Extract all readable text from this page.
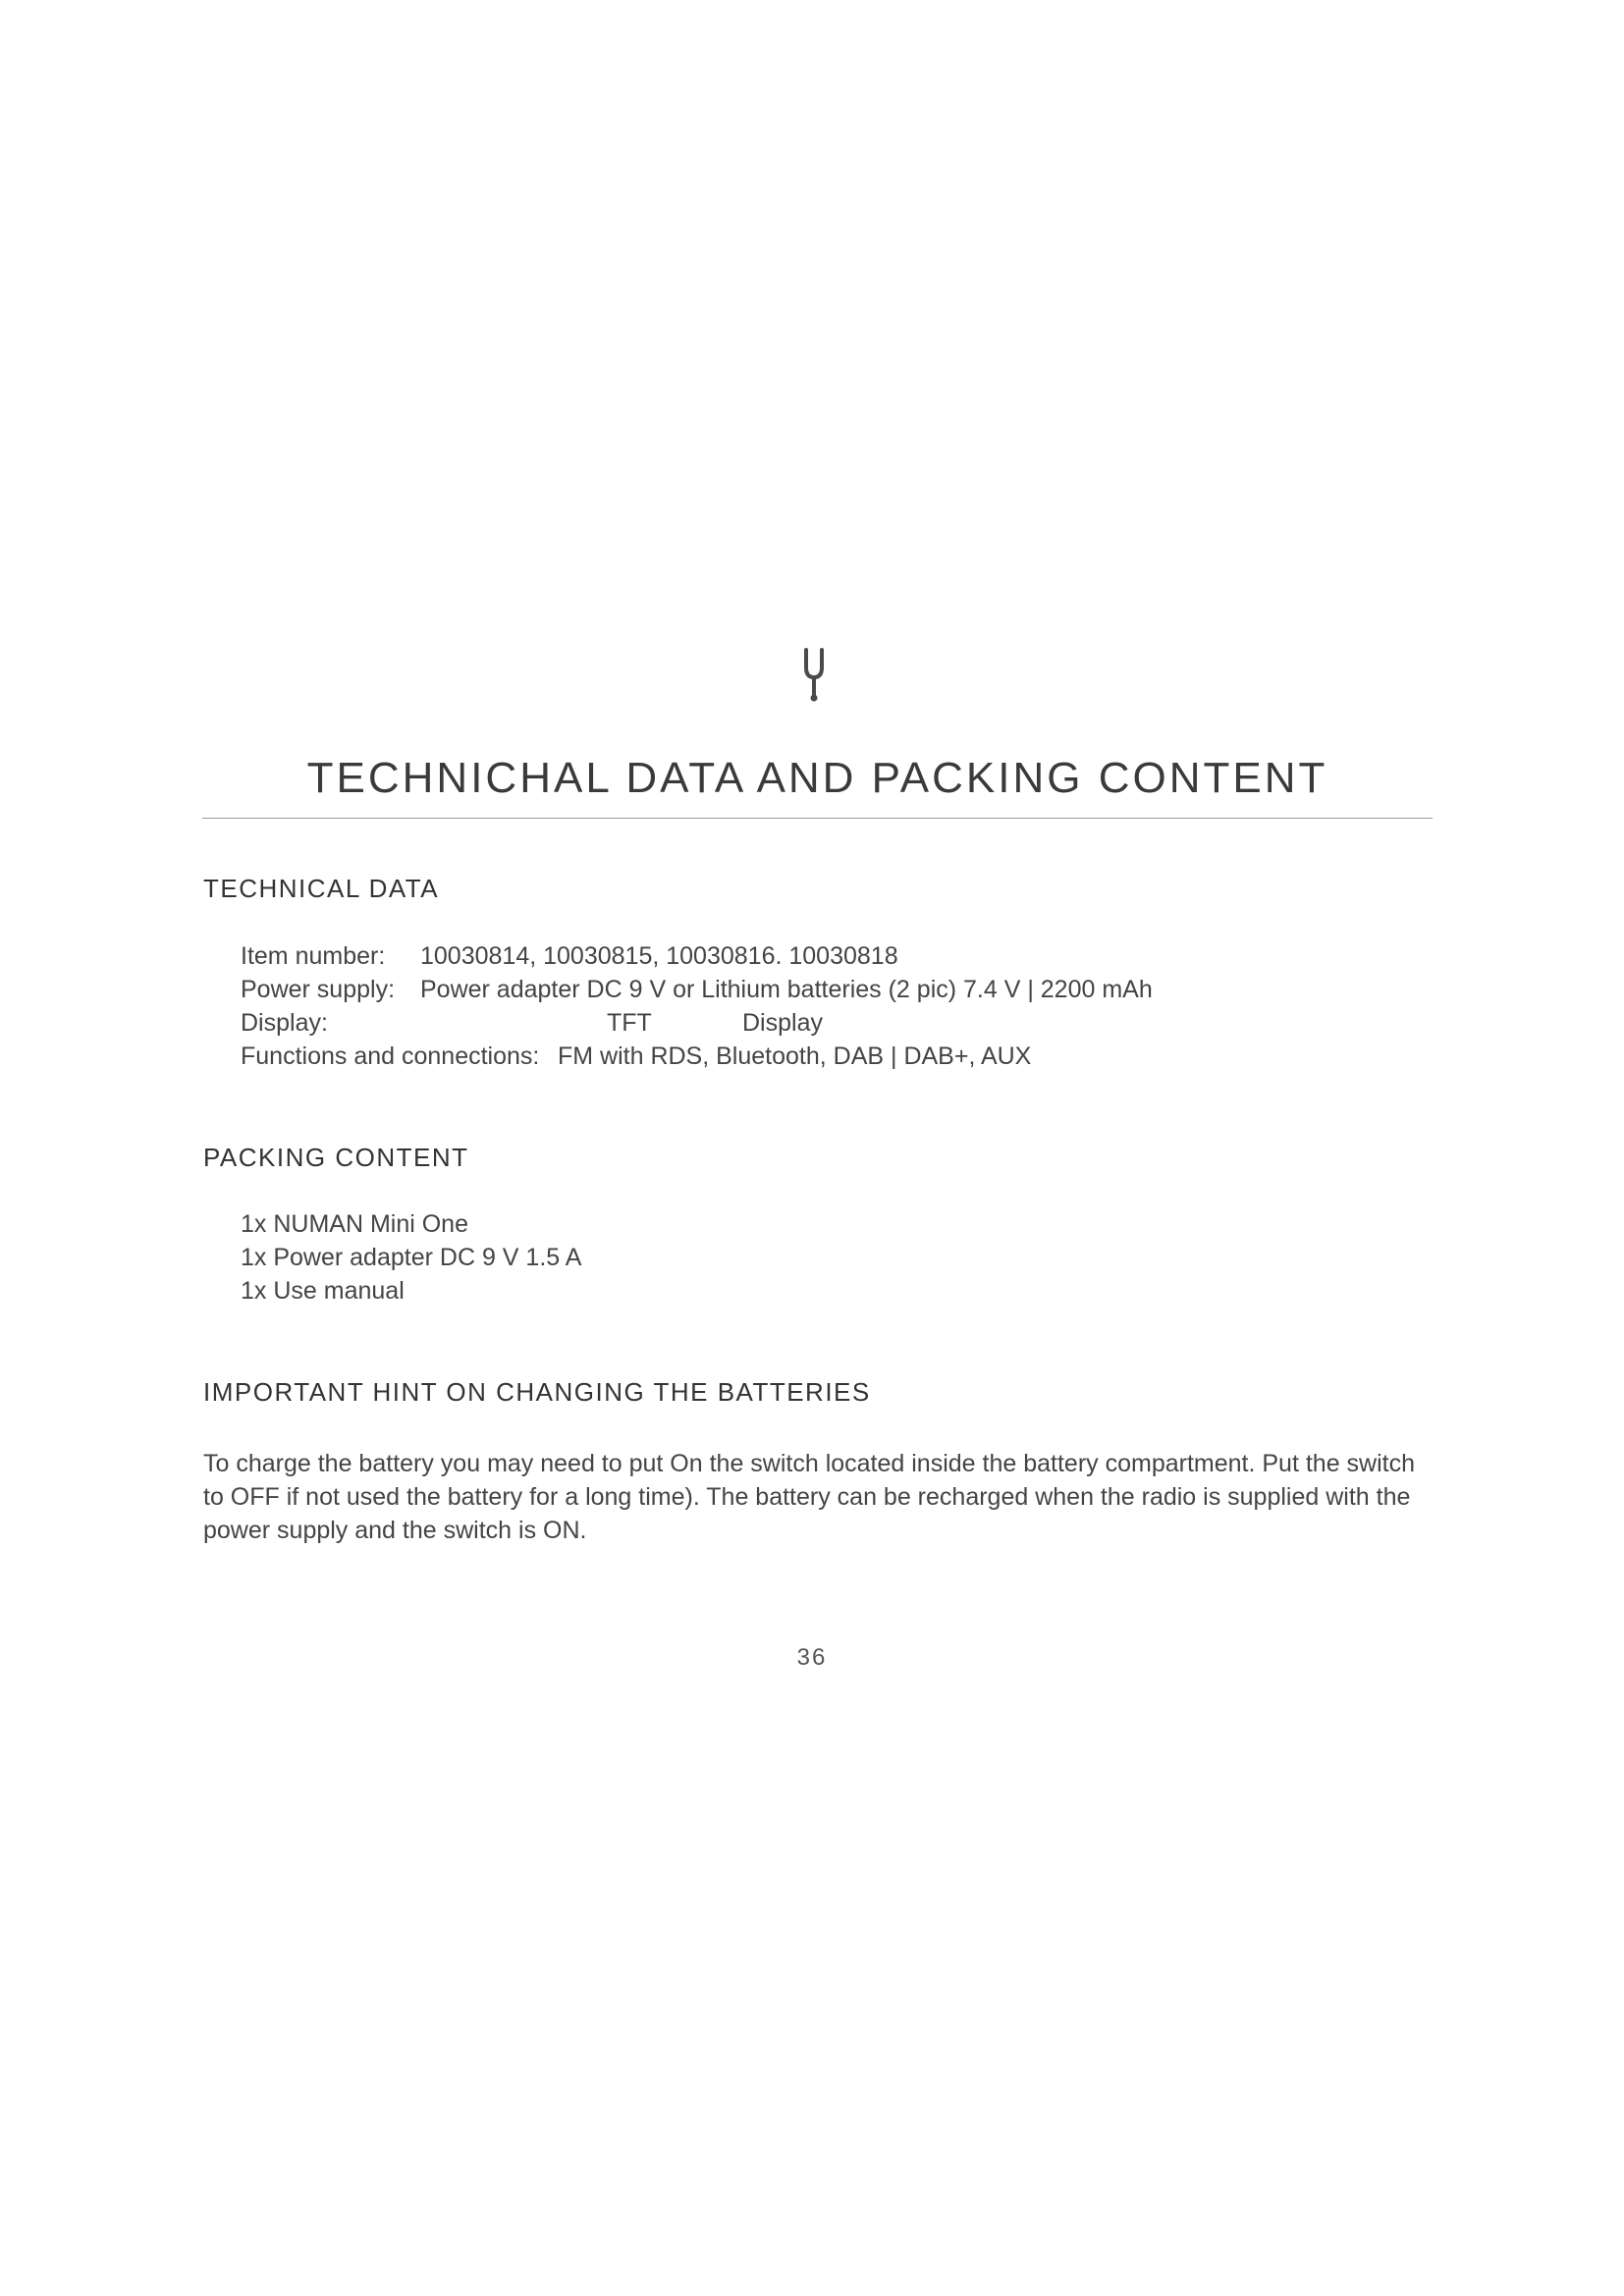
TECHNICHAL DATA AND PACKING CONTENT
TECHNICAL DATA
Item number: 10030814, 10030815, 10030816. 10030818
Power supply: Power adapter DC 9 V or Lithium batteries (2 pic) 7.4 V | 2200 mAh
Display:	TFT	Display
Functions and connections: FM with RDS, Bluetooth, DAB | DAB+, AUX
PACKING CONTENT
1x NUMAN Mini One
1x Power adapter DC 9 V 1.5 A
1x Use manual
IMPORTANT HINT ON CHANGING THE BATTERIES
To charge the battery you may need to put On the switch located inside the battery compartment. Put the switch to OFF if not used the battery for a long time). The battery can be recharged when the radio is supplied with the power supply and the switch is ON.
36
